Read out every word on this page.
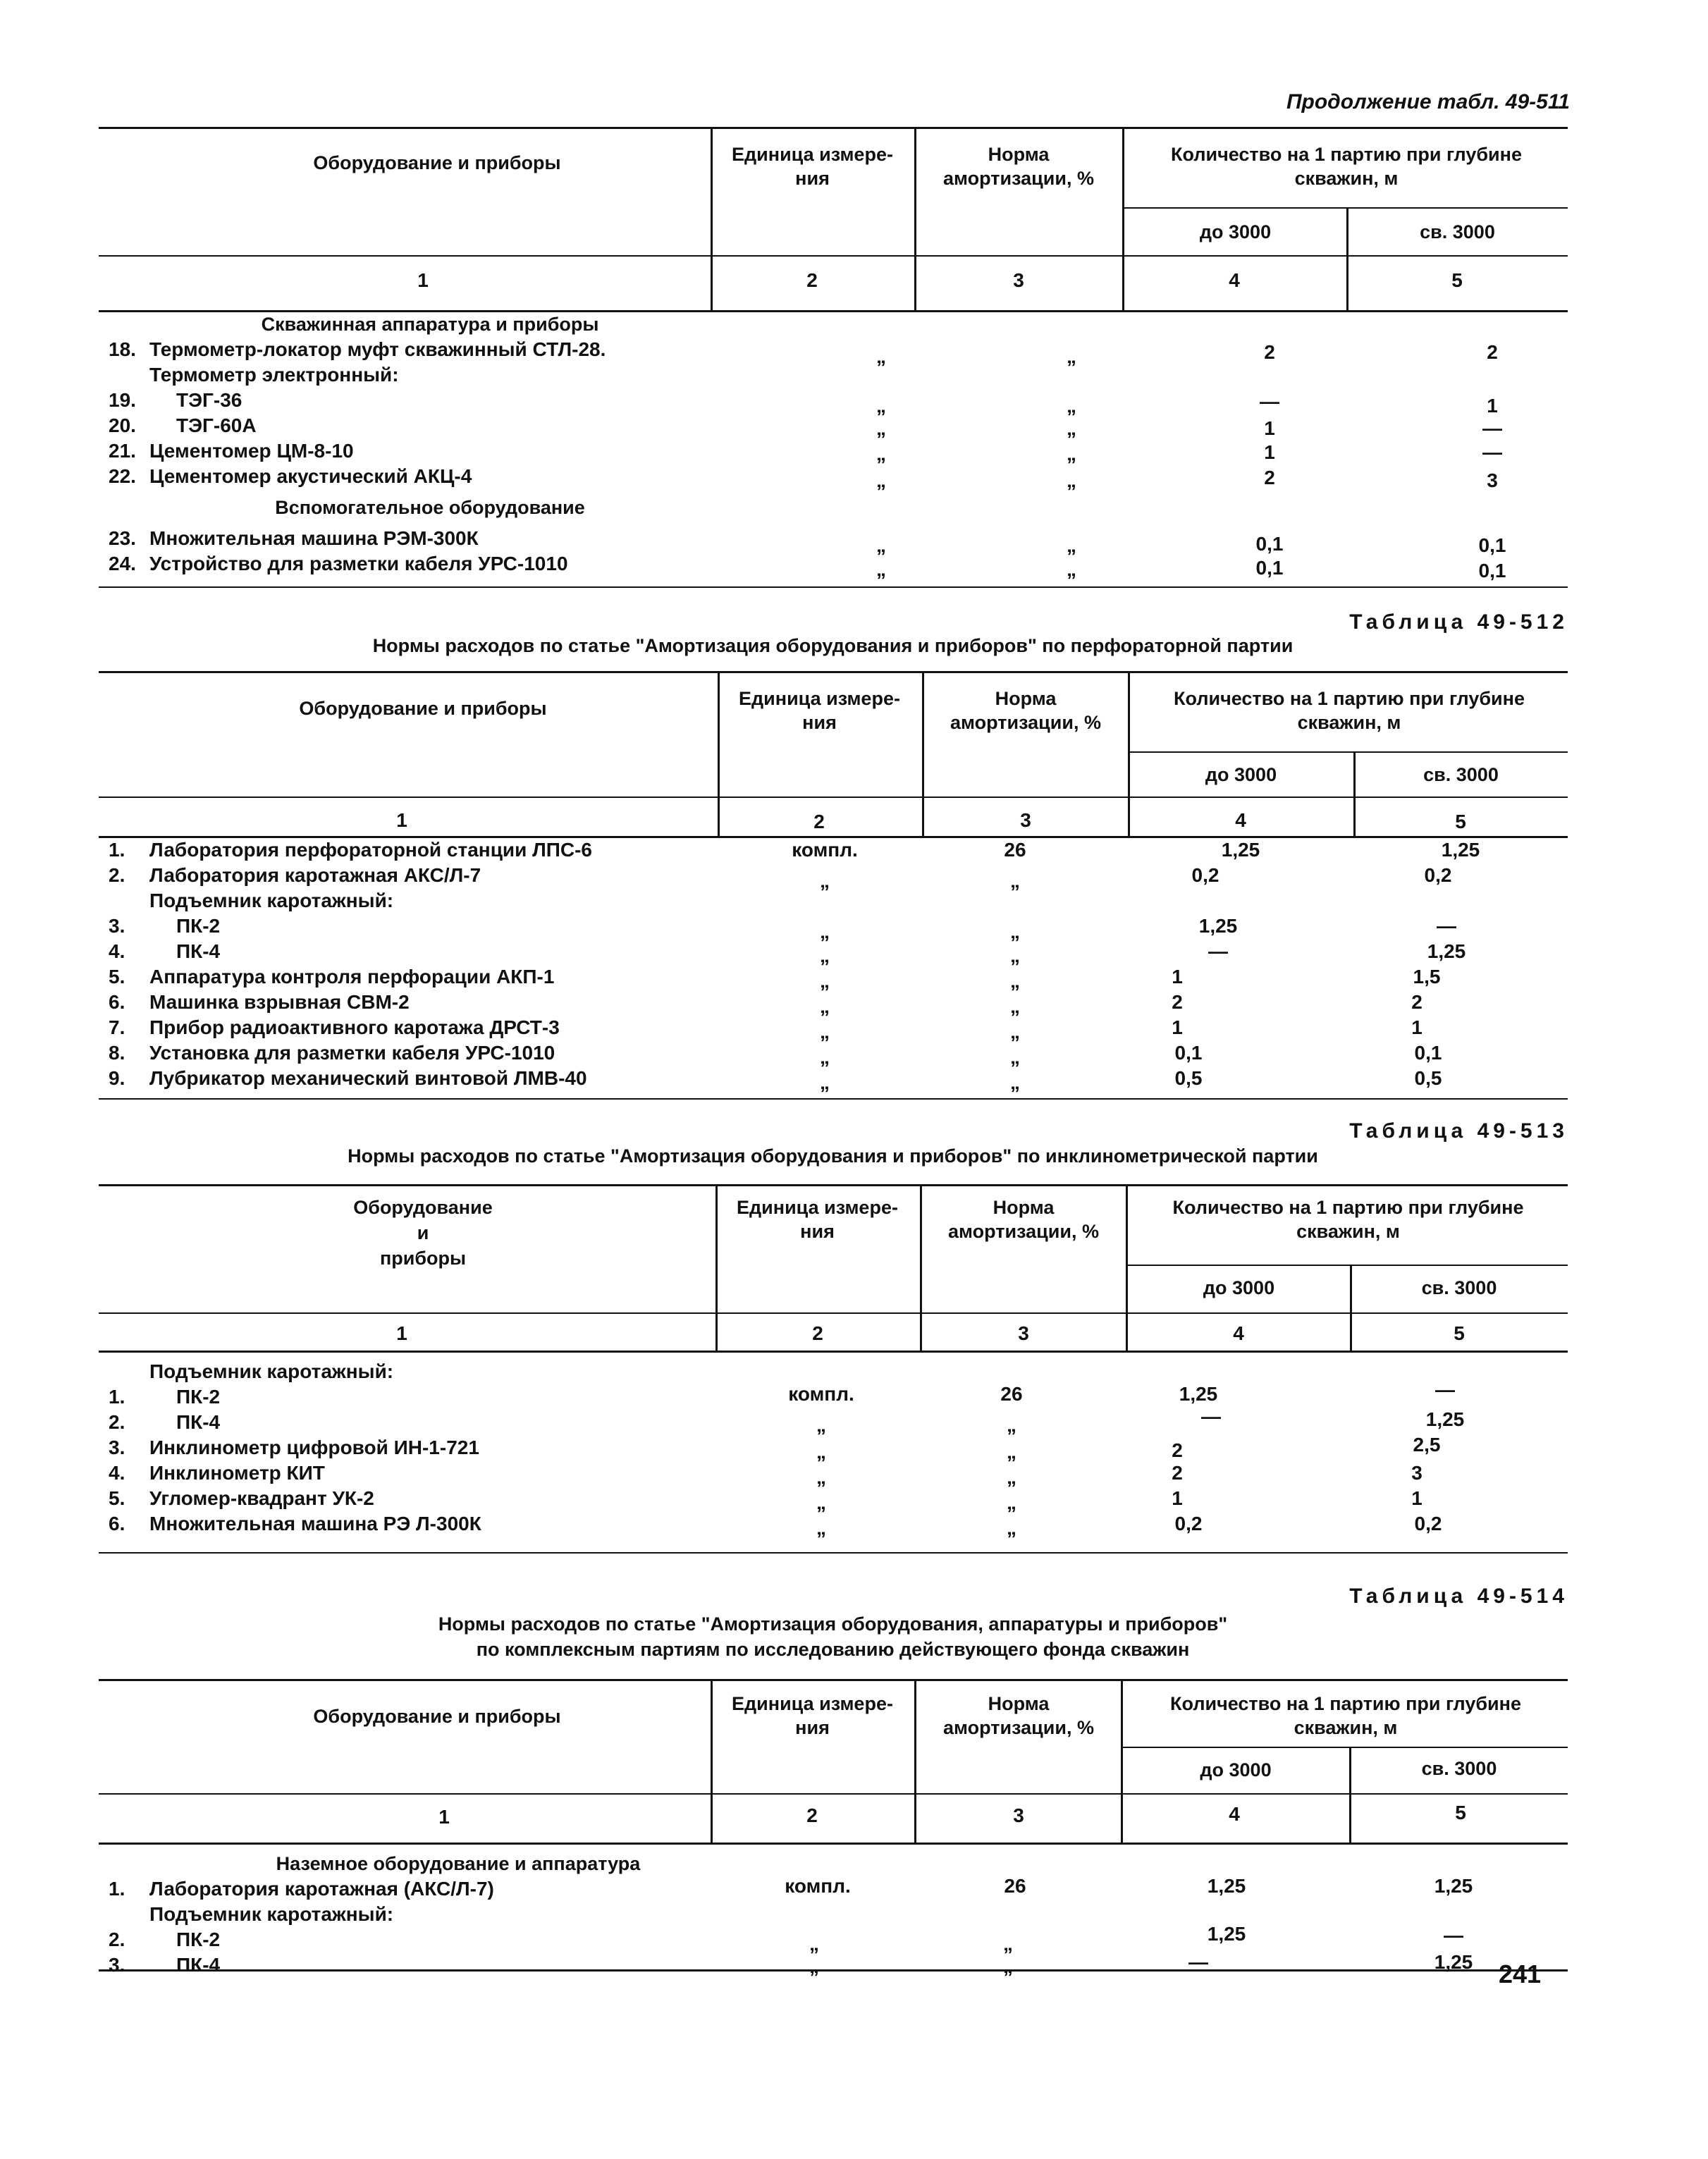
Продолжение табл. 49-511
Оборудование и приборы	Единица измерения
Норма амортизации, %
Количество на 1 партию при глубине скважин, м
до 3000	св. 3000
1	2	3	4	5
Скважинная аппаратура и приборы
18. Термометр-локатор муфт скважинный СТЛ-28.	„	„	2	2
Термометр электронный:
19.	ТЭГ-36	„	„	—	1
20.	ТЭГ-60А	„	„	1	—
21. Цементомер ЦМ-8-10	„	„	1	—
22. Цементомер акустический АКЦ-4	„	„	2	3
Вспомогательное оборудование
23. Множительная машина РЭМ-300К	„	„	0,1	0,1
24. Устройство для разметки кабеля УРС-1010	„	„	0,1	0,1
Таблица 49-512
Нормы расходов по статье "Амортизация оборудования и приборов" по перфораторной партии
Оборудование и приборы	Единица измерения
Норма амортизации, %
Количество на 1 партию при глубине скважин, м
до 3000	св. 3000
1	2	3	4	5
1.	Лаборатория перфораторной станции ЛПС-6	компл.	26	1,25	1,25
2.	Лаборатория каротажная АКС/Л-7	„	„	0,2	0,2
Подъемник каротажный:
3.	ПК-2	„	„	1,25	—
4.	ПК-4	„	„	—	1,25
5.	Аппаратура контроля перфорации АКП-1	„	„	1	1,5
6.	Машинка взрывная СВМ-2	„	„	2	2
7.	Прибор радиоактивного каротажа ДРСТ-3	„	„	1	1
8.	Установка для разметки кабеля УРС-1010	„	„	0,1	0,1
9.	Лубрикатор механический винтовой ЛМВ-40	„	„	0,5	0,5
Таблица 49-513
Нормы расходов по статье "Амортизация оборудования и приборов" по инклинометрической партии
Оборудование
и
приборы
Единица измерения
Норма амортизации, %
Количество на 1 партию при глубине скважин, м
до 3000	св. 3000
1	2	3	4	5
Подъемник каротажный:
1.	ПК-2	компл.	26	1,25	—
2.	ПК-4	„	„	—	1,25
3.	Инклинометр цифровой ИН-1-721	„	„	2	2,5
4.	Инклинометр КИТ	„	„	2	3
5.	Угломер-квадрант УК-2	„	„	1	1
6.	Множительная машина РЭ Л-300К	„	„	0,2	0,2
Таблица 49-514
Нормы расходов по статье "Амортизация оборудования, аппаратуры и приборов"
по комплексным партиям по исследованию действующего фонда скважин
Оборудование и приборы
Единица измерения
Норма амортизации, %
Количество на 1 партию при глубине скважин, м
до 3000	св. 3000
1	2	3	4	5
Наземное оборудование и аппаратура
1.	Лаборатория каротажная (АКС/Л-7)	компл.	26	1,25	1,25
Подъемник каротажный:
2.	ПК-2	„	„	1,25	—
3.	ПК-4	„	„	—	1,25	241
